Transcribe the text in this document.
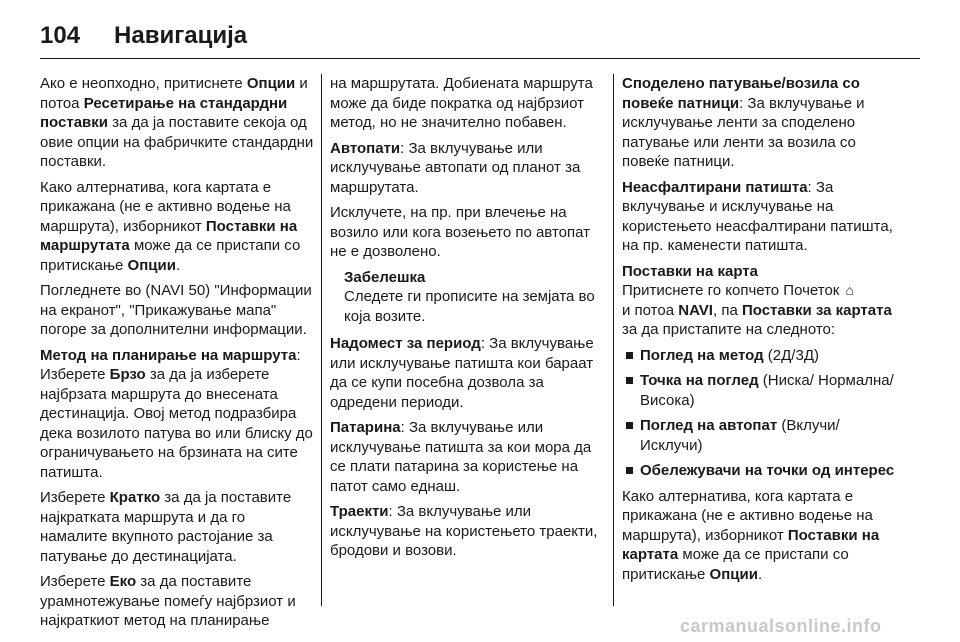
104 Навигација

Ако е неопходно, притиснете Опции и потоа Ресетирање на стандардни поставки за да ја поставите секоја од овие опции на фабричките стандардни поставки.

Како алтернатива, кога картата е прикажана (не е активно водење на маршрута), изборникот Поставки на маршрутата може да се пристапи со притискање Опции.

Погледнете во (NAVI 50) "Информации на екранот", "Прикажување мапа" погоре за дополнителни информации.

Метод на планирање на маршрута: Изберете Брзо за да ја изберете најбрзата маршрута до внесената дестинација. Овој метод подразбира дека возилото патува во или блиску до ограничувањето на брзината на сите патишта.

Изберете Кратко за да ја поставите најкратката маршрута и да го намалите вкупното растојание за патување до дестинацијата.

Изберете Еко за да поставите урамнотежување помеѓу најбрзиот и најкраткиот метод на планирање

на маршрутата. Добиената маршрута може да биде пократка од најбрзиот метод, но не значително побавен.

Автопати: За вклучување или исклучување автопати од планот за маршрутата.

Исклучете, на пр. при влечење на возило или кога возењето по автопат не е дозволено.

Забелешка
Следете ги прописите на земјата во која возите.

Надомест за период: За вклучување или исклучување патишта кои бараат да се купи посебна дозвола за одредени периоди.

Патарина: За вклучување или исклучување патишта за кои мора да се плати патарина за користење на патот само еднаш.

Траекти: За вклучување или исклучување на користењето траекти, бродови и возови.

Споделено патување/возила со повеќе патници: За вклучување и исклучување ленти за споделено патување или ленти за возила со повеќе патници.

Неасфалтирани патишта: За вклучување и исклучување на користењето неасфалтирани патишта, на пр. каменести патишта.

Поставки на карта
Притиснете го копчето Почеток ⌂
и потоа NAVI, па Поставки за картата за да пристапите на следното:

Поглед на метод (2Д/3Д)
Точка на поглед (Ниска/ Нормална/Висока)
Поглед на автопат (Вклучи/ Исклучи)
Обележувачи на точки од интерес

Како алтернатива, кога картата е прикажана (не е активно водење на маршрута), изборникот Поставки на картата може да се пристапи со притискање Опции.

carmanualsonline.info
